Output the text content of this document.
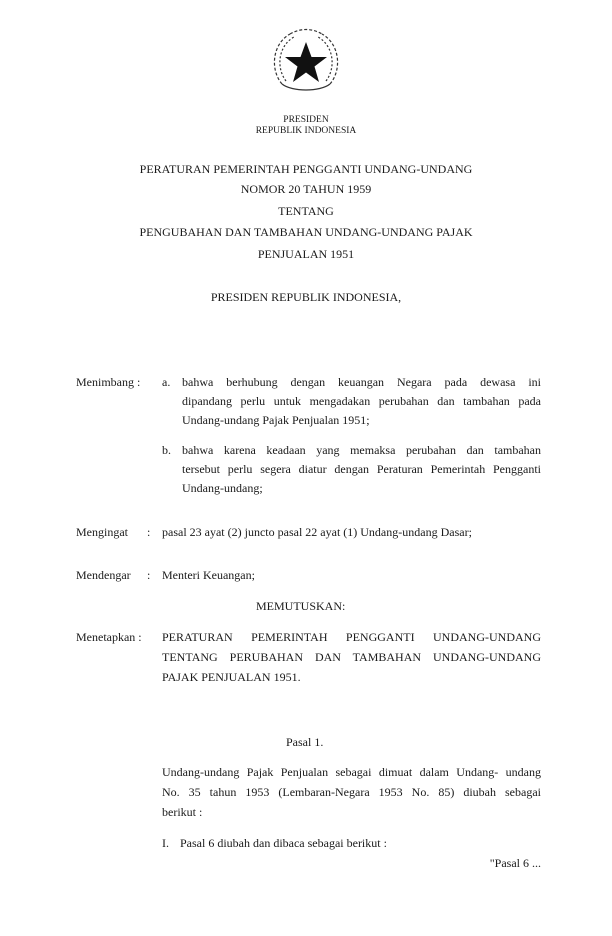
PRESIDEN
REPUBLIK INDONESIA
PERATURAN PEMERINTAH PENGGANTI UNDANG-UNDANG
NOMOR 20 TAHUN 1959
TENTANG
PENGUBAHAN DAN TAMBAHAN UNDANG-UNDANG PAJAK
PENJUALAN 1951
PRESIDEN REPUBLIK INDONESIA,
Menimbang : a. bahwa berhubung dengan keuangan Negara pada dewasa ini
dipandang perlu untuk mengadakan perubahan dan tambahan pada
Undang-undang Pajak Penjualan 1951;
b. bahwa karena keadaan yang memaksa perubahan dan tambahan
tersebut perlu segera diatur dengan Peraturan Pemerintah Pengganti
Undang-undang;
Mengingat : pasal 23 ayat (2) juncto pasal 22 ayat (1) Undang-undang Dasar;
Mendengar : Menteri Keuangan;
MEMUTUSKAN:
Menetapkan : PERATURAN PEMERINTAH PENGGANTI UNDANG-UNDANG
TENTANG PERUBAHAN DAN TAMBAHAN UNDANG-UNDANG
PAJAK PENJUALAN 1951.
Pasal 1.
Undang-undang Pajak Penjualan sebagai dimuat dalam Undang- undang
No. 35 tahun 1953 (Lembaran-Negara 1953 No. 85) diubah sebagai
berikut :
I. Pasal 6 diubah dan dibaca sebagai berikut :
"Pasal 6 ...
